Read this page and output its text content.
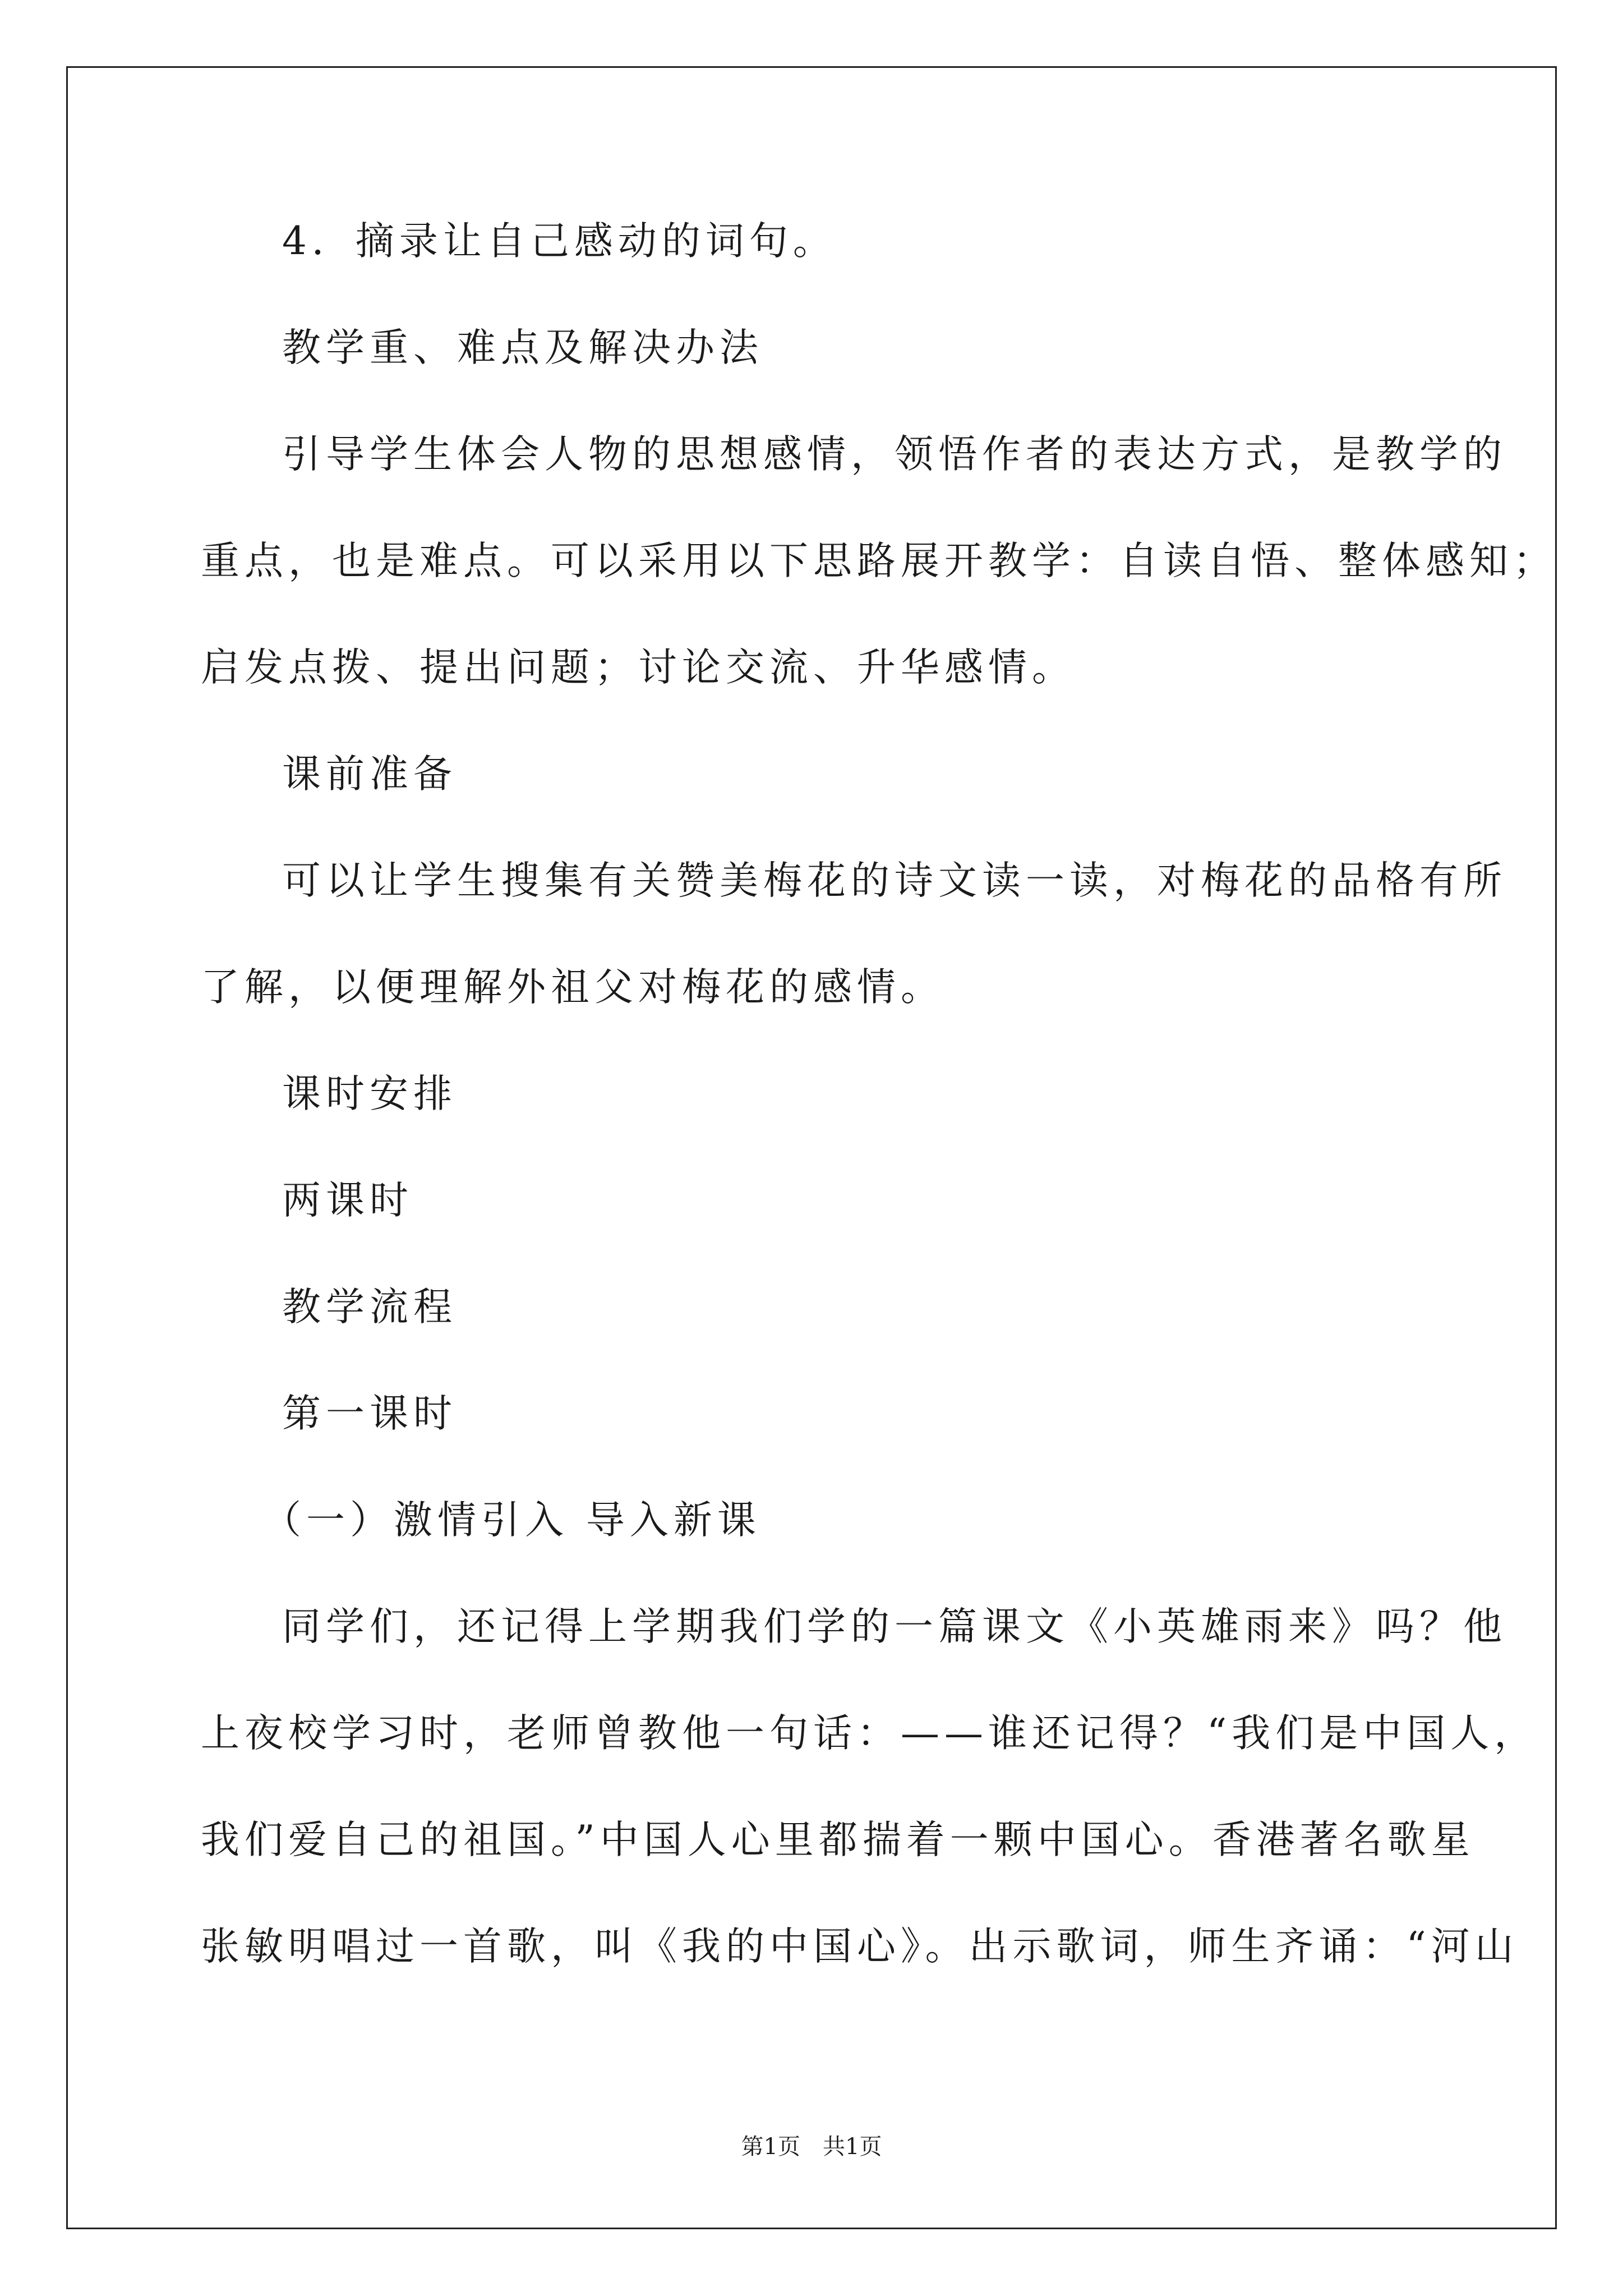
4．摘录让自己感动的词句。
教学重、难点及解决办法
引导学生体会人物的思想感情，领悟作者的表达方式，是教学的
重点，也是难点。可以采用以下思路展开教学：自读自悟、整体感知；
启发点拨、提出问题；讨论交流、升华感情。
课前准备
可以让学生搜集有关赞美梅花的诗文读一读，对梅花的品格有所
了解，以便理解外祖父对梅花的感情。
课时安排
两课时
教学流程
第一课时
（一）激情引入 导入新课
同学们，还记得上学期我们学的一篇课文《小英雄雨来》吗？他
上夜校学习时，老师曾教他一句话：——谁还记得？“我们是中国人，
我们爱自己的祖国。”中国人心里都揣着一颗中国心。香港著名歌星
张敏明唱过一首歌，叫《我的中国心》。出示歌词，师生齐诵：“河山
第1页　共1页
